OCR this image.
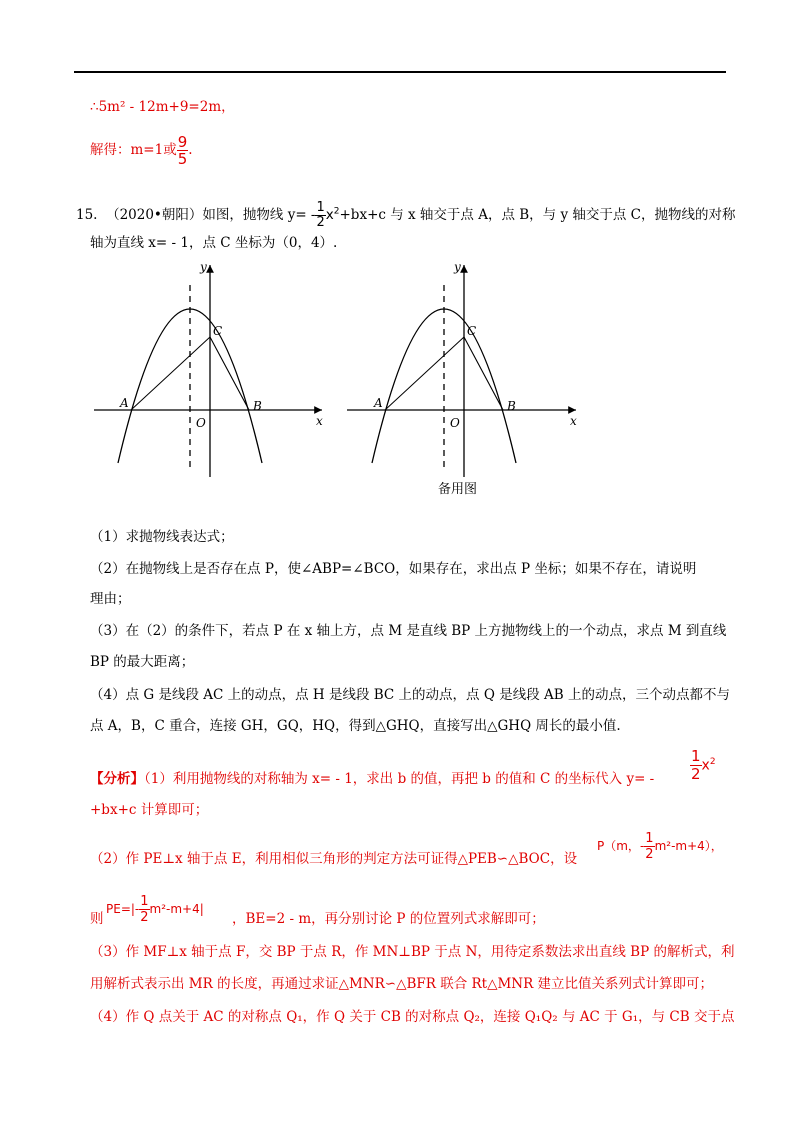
∴5m² - 12m+9=2m，
解得：m=1或 $\frac{9}{5}$ .
15. （2020•朝阳）如图，抛物线 $y= - \frac{1}{2} x^2+bx+c$ 与 x 轴交于点 A，点 B，与 y 轴交于点 C，抛物线的对称
轴为直线 x= - 1，点 C 坐标为（0，4）.
y
x
A	B
C
O
y
x
A	B
C
O
备用图
（1）求抛物线表达式；
（2）在抛物线上是否存在点 P，使∠ABP=∠BCO，如果存在，求出点 P 坐标；如果不存在，请说明
理由；
（3）在（2）的条件下，若点 P 在 x 轴上方，点 M 是直线 BP 上方抛物线上的一个动点，求点 M 到直线
BP 的最大距离；
（4）点 G 是线段 AC 上的动点，点 H 是线段 BC 上的动点，点 Q 是线段 AB 上的动点，三个动点都不与
点 A，B，C 重合，连接 GH，GQ，HQ，得到△GHQ，直接写出△GHQ 周长的最小值.
【分析】（1）利用抛物线的对称轴为 x= - 1，求出 b 的值，再把 b 的值和 C 的坐标代入 $y= - \frac{1}{2} x^2$
+bx+c 计算即可；
（2）作 PE⊥x 轴于点 E，利用相似三角形的判定方法可证得△PEB∽△BOC，设
P（m，- $\frac{1}{2} m^2-m+4$），
则
$PE=|- \frac{1}{2} m^2-m+4|$
，BE=2 - m，再分别讨论 P 的位置列式求解即可；
（3）作 MF⊥x 轴于点 F，交 BP 于点 R，作 MN⊥BP 于点 N，用待定系数法求出直线 BP 的解析式，利
用解析式表示出 MR 的长度，再通过求证△MNR∽△BFR 联合 Rt△MNR 建立比值关系列式计算即可；
（4）作 Q 点关于 AC 的对称点 Q₁，作 Q 关于 CB 的对称点 Q₂，连接 Q₁Q₂ 与 AC 于 G₁，与 CB 交于点
